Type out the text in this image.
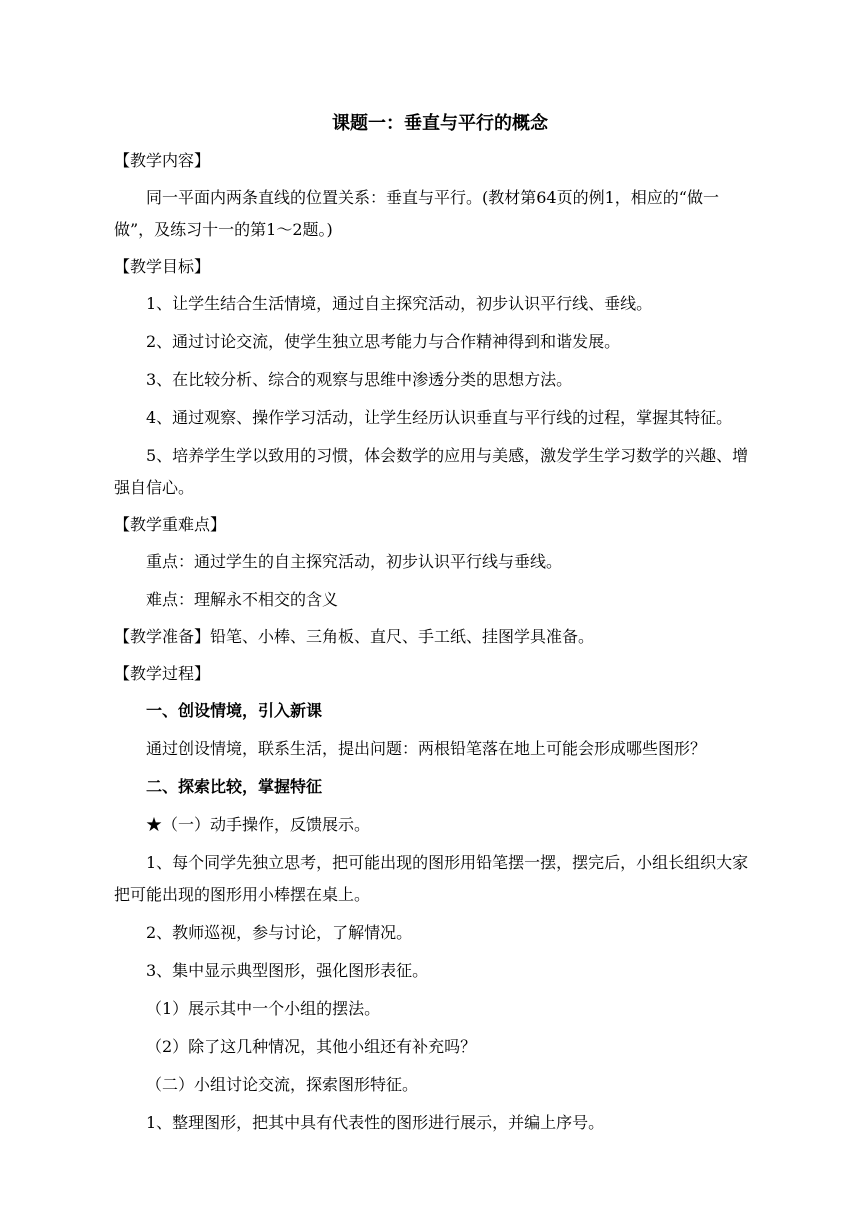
课题一：垂直与平行的概念
【教学内容】

同一平面内两条直线的位置关系：垂直与平行。(教材第64页的例1，相应的“做一做”，及练习十一的第1～2题。)

【教学目标】

1、让学生结合生活情境，通过自主探究活动，初步认识平行线、垂线。

2、通过讨论交流，使学生独立思考能力与合作精神得到和谐发展。

3、在比较分析、综合的观察与思维中渗透分类的思想方法。

4、通过观察、操作学习活动，让学生经历认识垂直与平行线的过程，掌握其特征。

5、培养学生学以致用的习惯，体会数学的应用与美感，激发学生学习数学的兴趣、增强自信心。

【教学重难点】

重点：通过学生的自主探究活动，初步认识平行线与垂线。

难点：理解永不相交的含义

【教学准备】铅笔、小棒、三角板、直尺、手工纸、挂图学具准备。
【教学过程】

一、创设情境，引入新课

通过创设情境，联系生活，提出问题：两根铅笔落在地上可能会形成哪些图形？

二、探索比较，掌握特征

★（一）动手操作，反馈展示。

1、每个同学先独立思考，把可能出现的图形用铅笔摆一摆，摆完后，小组长组织大家把可能出现的图形用小棒摆在桌上。

2、教师巡视，参与讨论，了解情况。

3、集中显示典型图形，强化图形表征。

（1）展示其中一个小组的摆法。

（2）除了这几种情况，其他小组还有补充吗？

（二）小组讨论交流，探索图形特征。

1、整理图形，把其中具有代表性的图形进行展示，并编上序号。
